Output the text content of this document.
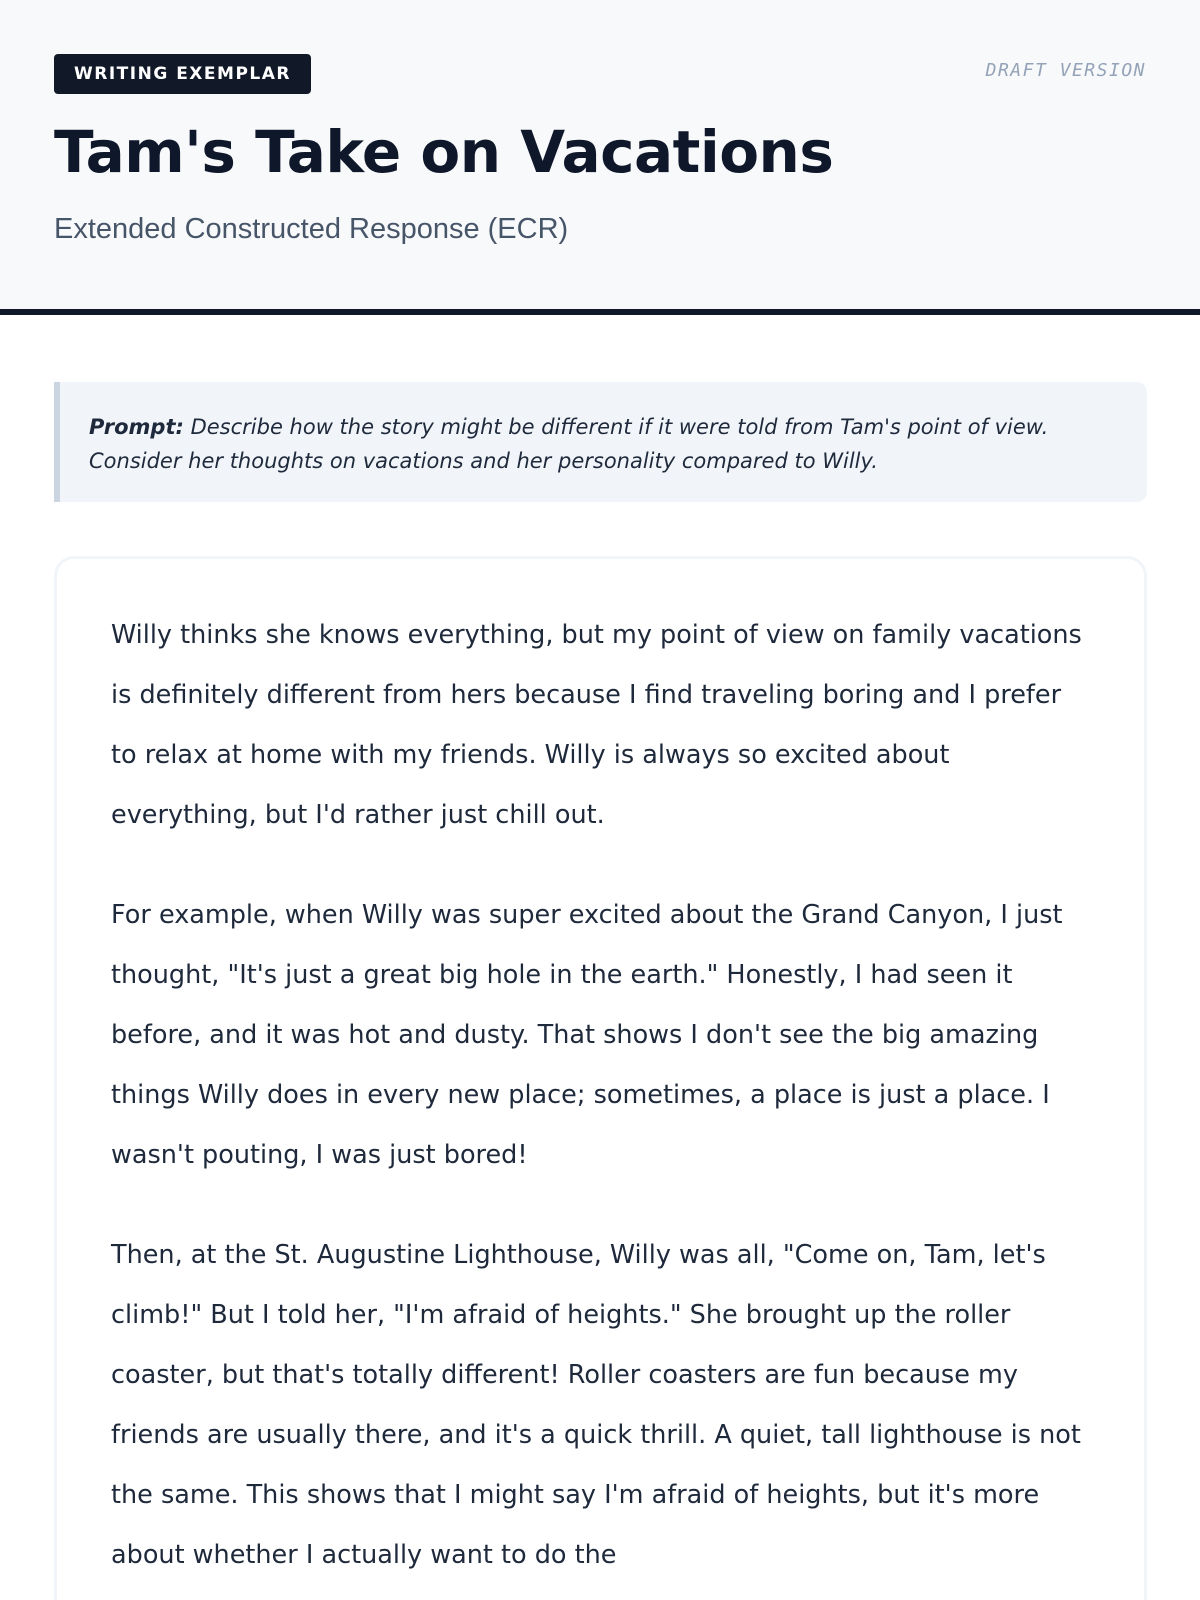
WRITING EXEMPLAR	DRAFT VERSION
Tam's Take on Vacations
Extended Constructed Response (ECR)
Prompt: Describe how the story might be different if it were told from Tam's point of view. Consider her thoughts on vacations and her personality compared to Willy.

Willy thinks she knows everything, but my point of view on family vacations is definitely different from hers because I find traveling boring and I prefer to relax at home with my friends. Willy is always so excited about everything, but I'd rather just chill out.

For example, when Willy was super excited about the Grand Canyon, I just thought, "It's just a great big hole in the earth." Honestly, I had seen it before, and it was hot and dusty. That shows I don't see the big amazing things Willy does in every new place; sometimes, a place is just a place. I wasn't pouting, I was just bored!

Then, at the St. Augustine Lighthouse, Willy was all, "Come on, Tam, let's climb!" But I told her, "I'm afraid of heights." She brought up the roller coaster, but that's totally different! Roller coasters are fun because my friends are usually there, and it's a quick thrill. A quiet, tall lighthouse is not the same. This shows that I might say I'm afraid of heights, but it's more about whether I actually want to do the
